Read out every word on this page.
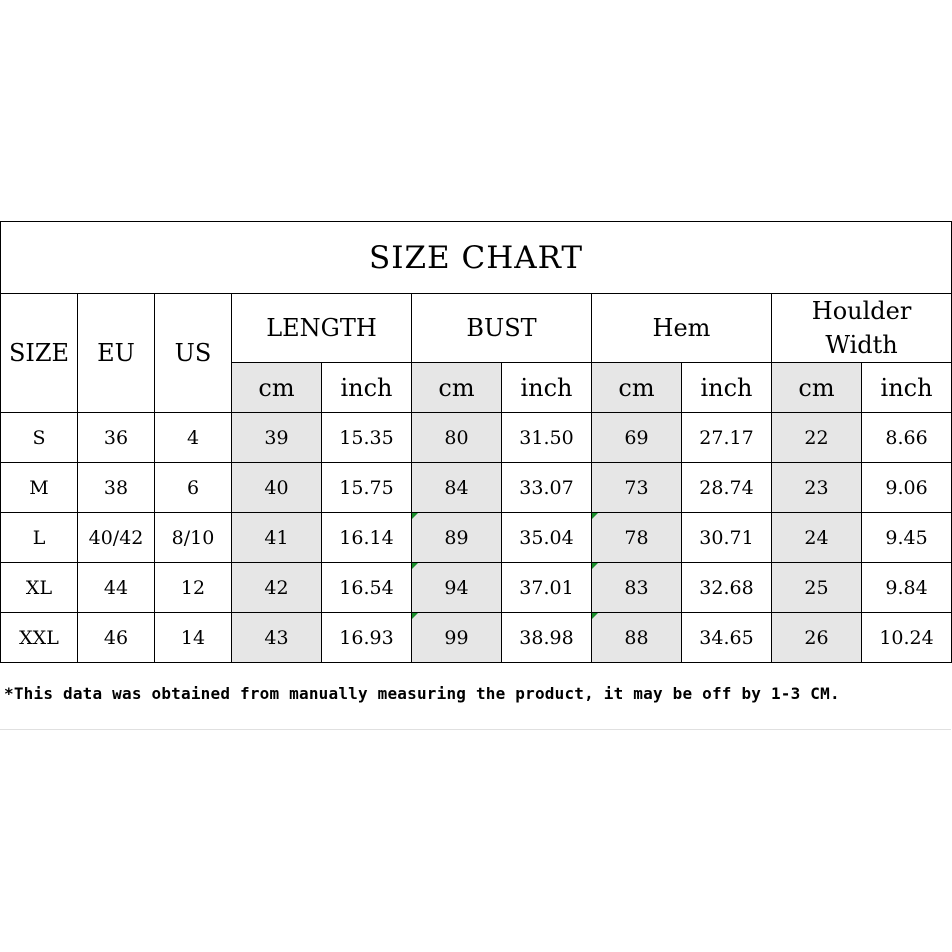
SIZE CHART										
SIZE	EU	US	LENGTH		BUST		Hem		Houlder Width	
			cm	inch	cm	inch	cm	inch	cm	inch
S	36	4	39	15.35	80	31.50	69	27.17	22	8.66
M	38	6	40	15.75	84	33.07	73	28.74	23	9.06
L	40/42	8/10	41	16.14	89	35.04	78	30.71	24	9.45
XL	44	12	42	16.54	94	37.01	83	32.68	25	9.84
XXL	46	14	43	16.93	99	38.98	88	34.65	26	10.24
*This data was obtained from manually measuring the product, it may be off by 1-3 CM.
